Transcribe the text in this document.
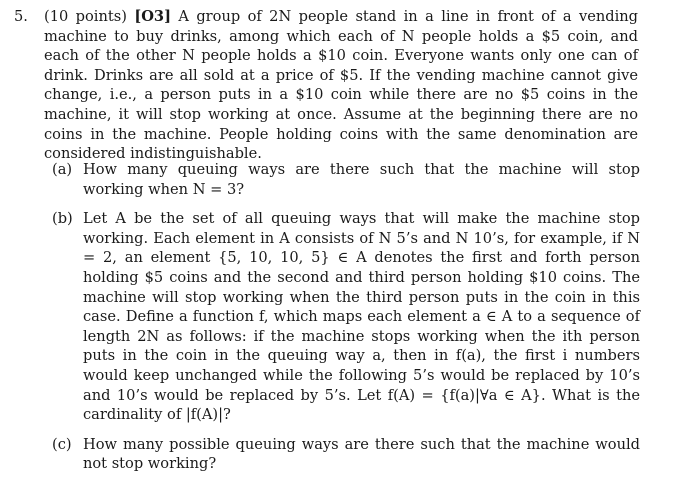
5. (10 points) [O3] A group of 2N people stand in a line in front of a vending machine to buy drinks, among which each of N people holds a $5 coin, and each of the other N people holds a $10 coin. Everyone wants only one can of drink. Drinks are all sold at a price of $5. If the vending machine cannot give change, i.e., a person puts in a $10 coin while there are no $5 coins in the machine, it will stop working at once. Assume at the beginning there are no coins in the machine. People holding coins with the same denomination are considered indistinguishable.
(a) How many queuing ways are there such that the machine will stop working when N = 3?
(b) Let A be the set of all queuing ways that will make the machine stop working. Each element in A consists of N 5’s and N 10’s, for example, if N = 2, an element {5, 10, 10, 5} ∈ A denotes the first and forth person holding $5 coins and the second and third person holding $10 coins. The machine will stop working when the third person puts in the coin in this case. Define a function f, which maps each element a ∈ A to a sequence of length 2N as follows: if the machine stops working when the ith person puts in the coin in the queuing way a, then in f(a), the first i numbers would keep unchanged while the following 5’s would be replaced by 10’s and 10’s would be replaced by 5’s. Let f(A) = {f(a)|∀a ∈ A}. What is the cardinality of |f(A)|?
(c) How many possible queuing ways are there such that the machine would not stop working?
